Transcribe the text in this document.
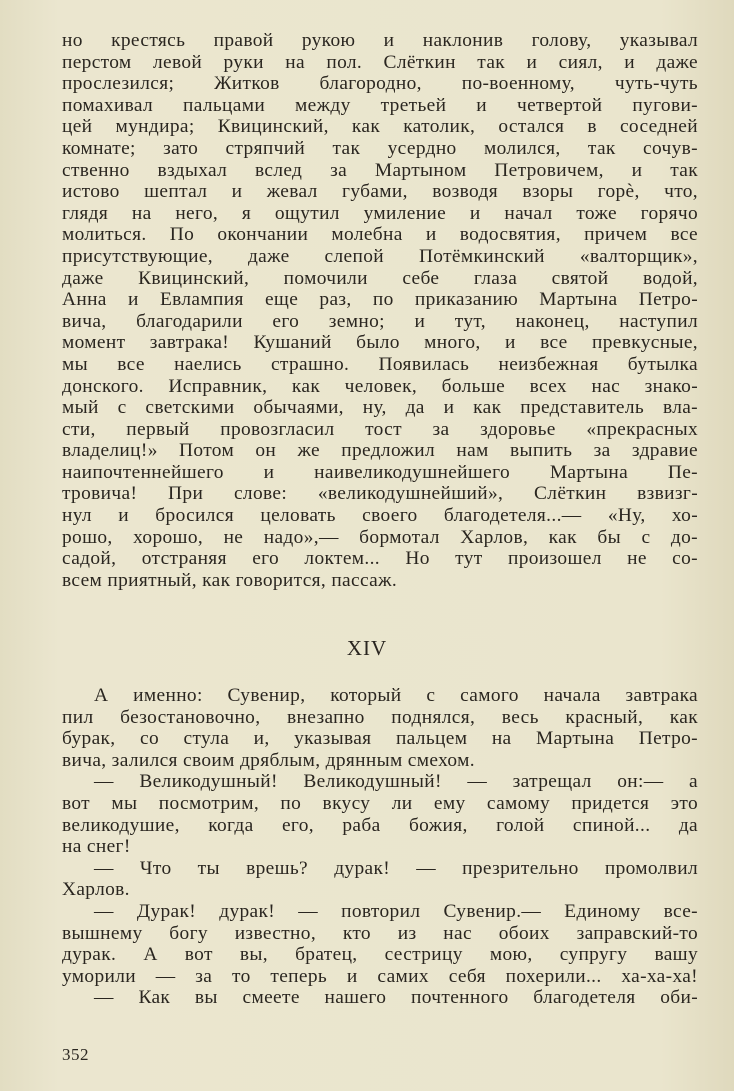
но крестясь правой рукою и наклонив голову, указывал
перстом левой руки на пол. Слёткин так и сиял, и даже
прослезился; Житков благородно, по-военному, чуть-чуть
помахивал пальцами между третьей и четвертой пугови-
цей мундира; Квицинский, как католик, остался в соседней
комнате; зато стряпчий так усердно молился, так сочув-
ственно вздыхал вслед за Мартыном Петровичем, и так
истово шептал и жевал губами, возводя взоры горѐ, что,
глядя на него, я ощутил умиление и начал тоже горячо
молиться. По окончании молебна и водосвятия, причем все
присутствующие, даже слепой Потёмкинский «валторщик»,
даже Квицинский, помочили себе глаза святой водой,
Анна и Евлампия еще раз, по приказанию Мартына Петро-
вича, благодарили его земно; и тут, наконец, наступил
момент завтрака! Кушаний было много, и все превкусные,
мы все наелись страшно. Появилась неизбежная бутылка
донского. Исправник, как человек, больше всех нас знако-
мый с светскими обычаями, ну, да и как представитель вла-
сти, первый провозгласил тост за здоровье «прекрасных
владелиц!» Потом он же предложил нам выпить за здравие
наипочтеннейшего и наивеликодушнейшего Мартына Пе-
тровича! При слове: «великодушнейший», Слёткин взвизг-
нул и бросился целовать своего благодетеля...— «Ну, хо-
рошо, хорошо, не надо»,— бормотал Харлов, как бы с до-
садой, отстраняя его локтем... Но тут произошел не со-
всем приятный, как говорится, пассаж.
XIV
А именно: Сувенир, который с самого начала завтрака
пил безостановочно, внезапно поднялся, весь красный, как
бурак, со стула и, указывая пальцем на Мартына Петро-
вича, залился своим дряблым, дрянным смехом.
— Великодушный! Великодушный! — затрещал он:— а
вот мы посмотрим, по вкусу ли ему самому придется это
великодушие, когда его, раба божия, голой спиной... да
на снег!
— Что ты врешь? дурак! — презрительно промолвил
Харлов.
— Дурак! дурак! — повторил Сувенир.— Единому все-
вышнему богу известно, кто из нас обоих заправский-то
дурак. А вот вы, братец, сестрицу мою, супругу вашу
уморили — за то теперь и самих себя похерили... ха-ха-ха!
— Как вы смеете нашего почтенного благодетеля оби-
352
